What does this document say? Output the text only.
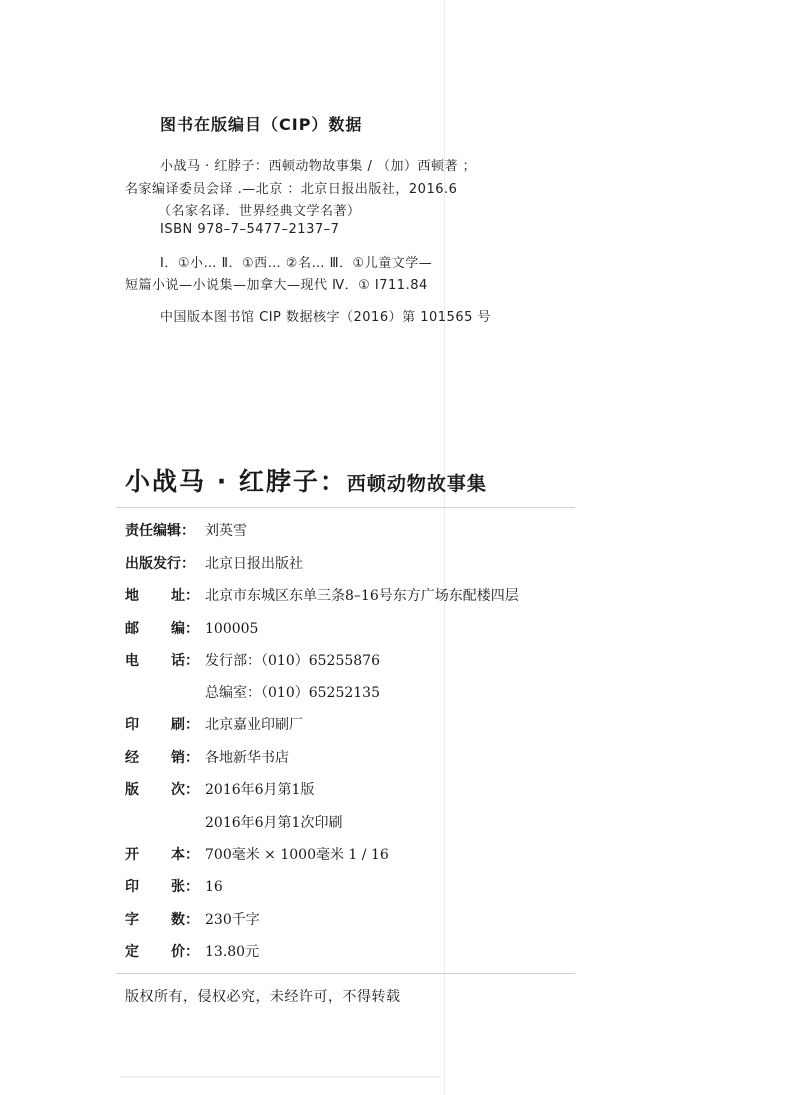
图书在版编目（CIP）数据
小战马 · 红脖子：西顿动物故事集 / （加）西顿著 ；
名家编译委员会译 .—北京 ：北京日报出版社，2016.6
（名家名译．世界经典文学名著）
ISBN 978–7–5477–2137–7
Ⅰ．①小… Ⅱ．①西… ②名… Ⅲ．①儿童文学—
短篇小说—小说集—加拿大—现代 Ⅳ．① I711.84
中国版本图书馆 CIP 数据核字（2016）第 101565 号
小战马 · 红脖子：西顿动物故事集
责任编辑： 刘英雪
出版发行： 北京日报出版社
地 址： 北京市东城区东单三条8–16号东方广场东配楼四层
邮 编： 100005
电 话： 发行部：（010）65255876
总编室：（010）65252135
印 刷： 北京嘉业印刷厂
经 销： 各地新华书店
版 次： 2016年6月第1版
2016年6月第1次印刷
开 本： 700毫米 × 1000毫米 1 / 16
印 张： 16
字 数： 230千字
定 价： 13.80元
版权所有，侵权必究，未经许可，不得转载
